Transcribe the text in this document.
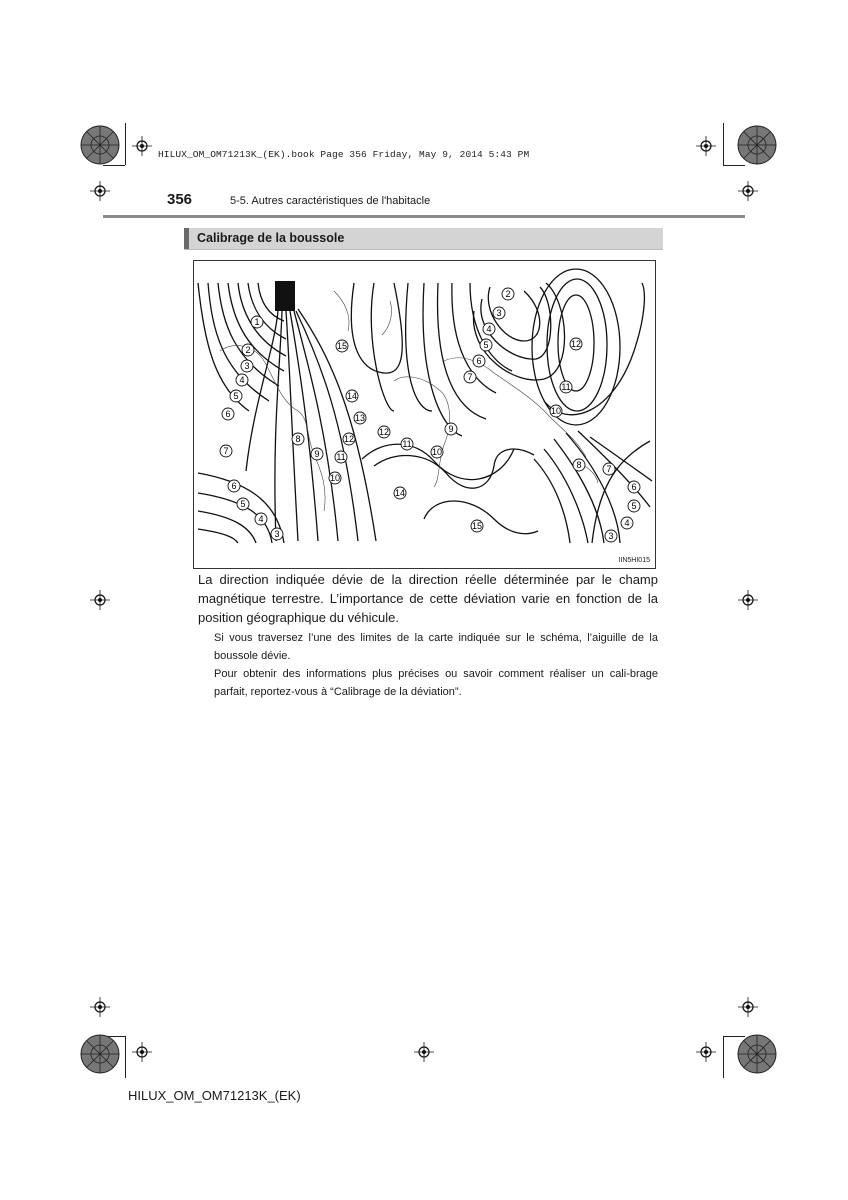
HILUX_OM_OM71213K_(EK).book Page 356 Friday, May 9, 2014 5:43 PM
356	5-5. Autres caractéristiques de l'habitacle
Calibrage de la boussole
1
2
2
3
3
4
4
5
5
6
6
7
7
8
9
9
10
10
10
11
11
11
12
12
12
13
14
14
15
15
8	7
6
6
5
5
4
4
3
3
IIN5HI015
La direction indiquée dévie de la direction réelle déterminée par le champ magnétique terrestre. L’importance de cette déviation varie en fonction de la position géographique du véhicule.
Si vous traversez l’une des limites de la carte indiquée sur le schéma, l’aiguille de la boussole dévie.
Pour obtenir des informations plus précises ou savoir comment réaliser un cali-brage parfait, reportez-vous à “Calibrage de la déviation”.
HILUX_OM_OM71213K_(EK)
